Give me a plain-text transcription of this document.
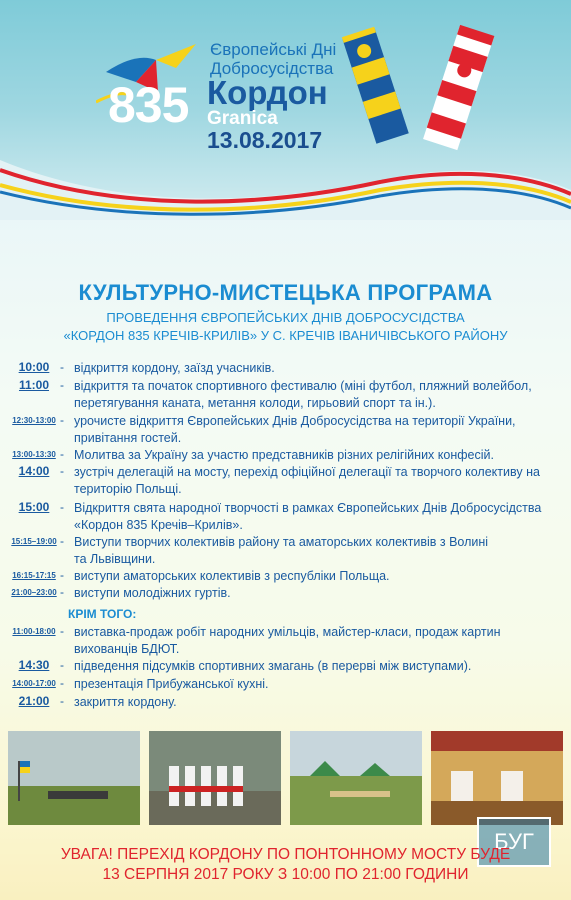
Європейські Дні
Добросусідства
835 Кордон
Granica
13.08.2017
КУЛЬТУРНО-МИСТЕЦЬКА ПРОГРАМА
ПРОВЕДЕННЯ ЄВРОПЕЙСЬКИХ ДНІВ ДОБРОСУСІДСТВА
«КОРДОН 835 КРЕЧІВ-КРИЛІВ» У С. КРЕЧІВ ІВАНИЧІВСЬКОГО РАЙОНУ
10:00 - відкриття кордону, заїзд учасників.

11:00 - відкриття та початок спортивного фестивалю (міні футбол, пляжний волейбол,
перетягування каната, метання колоди, гирьовий спорт та ін.).
12:30-13:00 - урочисте відкриття Європейських Днів Добросусідства на території України,
привітання гостей.
13:00-13:30 - Молитва за Україну за участю представників різних релігійних конфесій.
14:00 - зустріч делегацій на мосту, перехід офіційної делегації та творчого колективу на
територію Польщі.
15:00 - Відкриття свята народної творчості в рамках Європейських Днів Добросусідства
«Кордон 835 Кречів–Крилів».
15:15–19:00 - Виступи творчих колективів району та аматорських колективів з Волині
та Львівщини.
16:15-17:15 - виступи аматорських колективів з республіки Польща.
21:00–23:00 - виступи молодіжних гуртів.
11:00-18:00 - виставка-продаж робіт народних умільців, майстер-класи, продаж картин
вихованців БДЮТ.
14:30 - підведення підсумків спортивних змагань (в перерві між виступами).
14:00-17:00 - презентація Прибужанської кухні.
21:00 - закриття кордону.
КРІМ ТОГО:
БУГ
УВАГА! ПЕРЕХІД КОРДОНУ ПО ПОНТОННОМУ МОСТУ БУДЕ
13 СЕРПНЯ 2017 РОКУ З 10:00 ПО 21:00 ГОДИНИ
